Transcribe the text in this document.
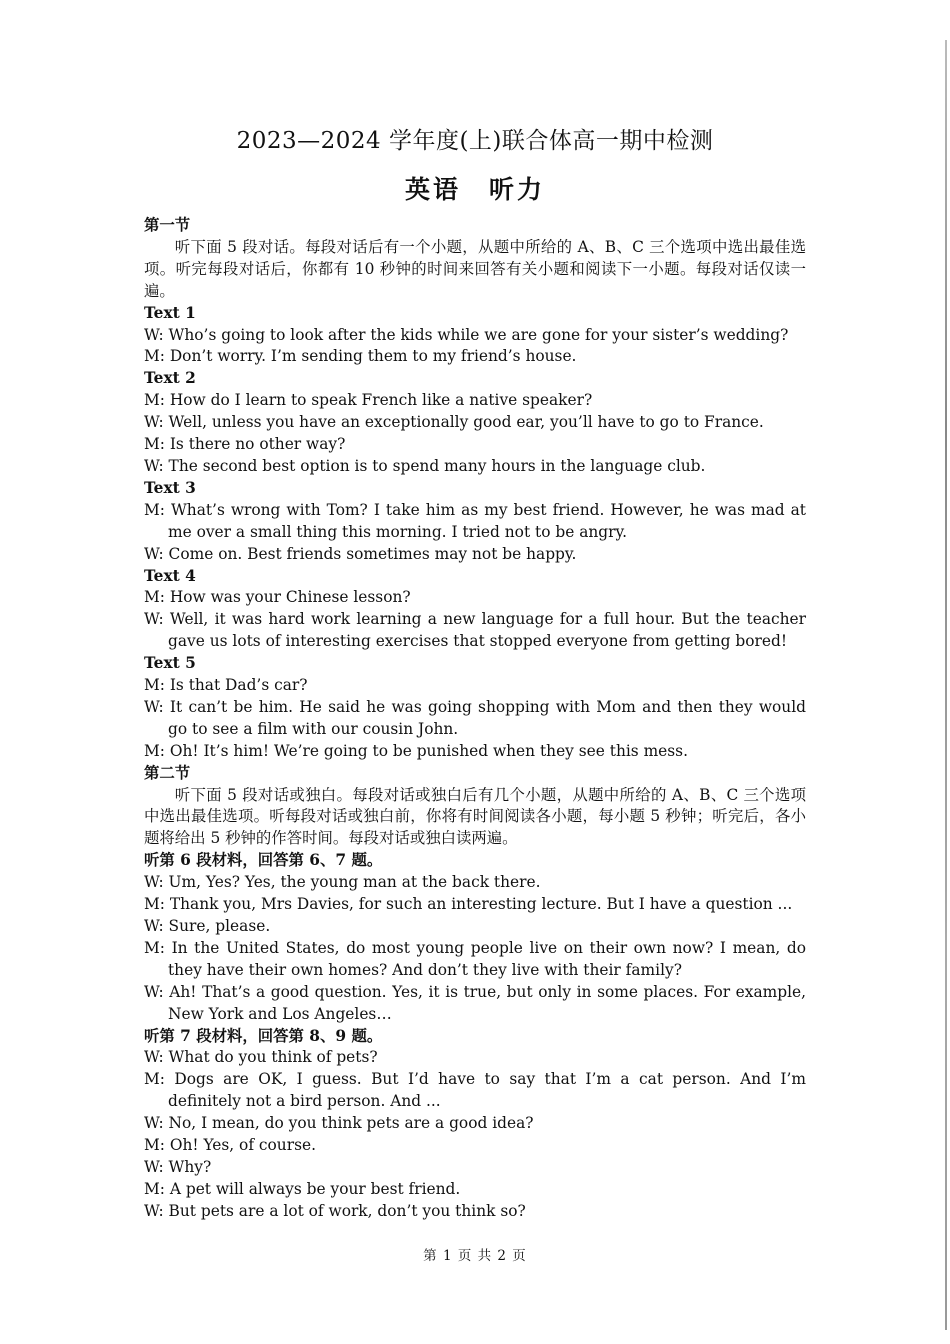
2023—2024 学年度(上)联合体高一期中检测
英语　听力

第一节

听下面 5 段对话。每段对话后有一个小题，从题中所给的 A、B、C 三个选项中选出最佳选项。听完每段对话后，你都有 10 秒钟的时间来回答有关小题和阅读下一小题。每段对话仅读一遍。

Text 1

W: Who’s going to look after the kids while we are gone for your sister’s wedding?

M: Don’t worry. I’m sending them to my friend’s house.

Text 2

M: How do I learn to speak French like a native speaker?

W: Well, unless you have an exceptionally good ear, you’ll have to go to France.

M: Is there no other way?

W: The second best option is to spend many hours in the language club.

Text 3

M: What’s wrong with Tom? I take him as my best friend. However, he was mad at me over a small thing this morning. I tried not to be angry.

W: Come on. Best friends sometimes may not be happy.

Text 4

M: How was your Chinese lesson?

W: Well, it was hard work learning a new language for a full hour. But the teacher gave us lots of interesting exercises that stopped everyone from getting bored!

Text 5

M: Is that Dad’s car?

W: It can’t be him. He said he was going shopping with Mom and then they would go to see a film with our cousin John.

M: Oh! It’s him! We’re going to be punished when they see this mess.

第二节

听下面 5 段对话或独白。每段对话或独白后有几个小题，从题中所给的 A、B、C 三个选项中选出最佳选项。听每段对话或独白前，你将有时间阅读各小题，每小题 5 秒钟；听完后，各小题将给出 5 秒钟的作答时间。每段对话或独白读两遍。

听第 6 段材料，回答第 6、7 题。

W: Um, Yes? Yes, the young man at the back there.

M: Thank you, Mrs Davies, for such an interesting lecture. But I have a question ...

W: Sure, please.

M: In the United States, do most young people live on their own now? I mean, do they have their own homes? And don’t they live with their family?

W: Ah! That’s a good question. Yes, it is true, but only in some places. For example, New York and Los Angeles…

听第 7 段材料，回答第 8、9 题。

W: What do you think of pets?

M: Dogs are OK, I guess. But I’d have to say that I’m a cat person. And I’m definitely not a bird person. And ...

W: No, I mean, do you think pets are a good idea?

M: Oh! Yes, of course.

W: Why?

M: A pet will always be your best friend.

W: But pets are a lot of work, don’t you think so?

第 1 页 共 2 页
